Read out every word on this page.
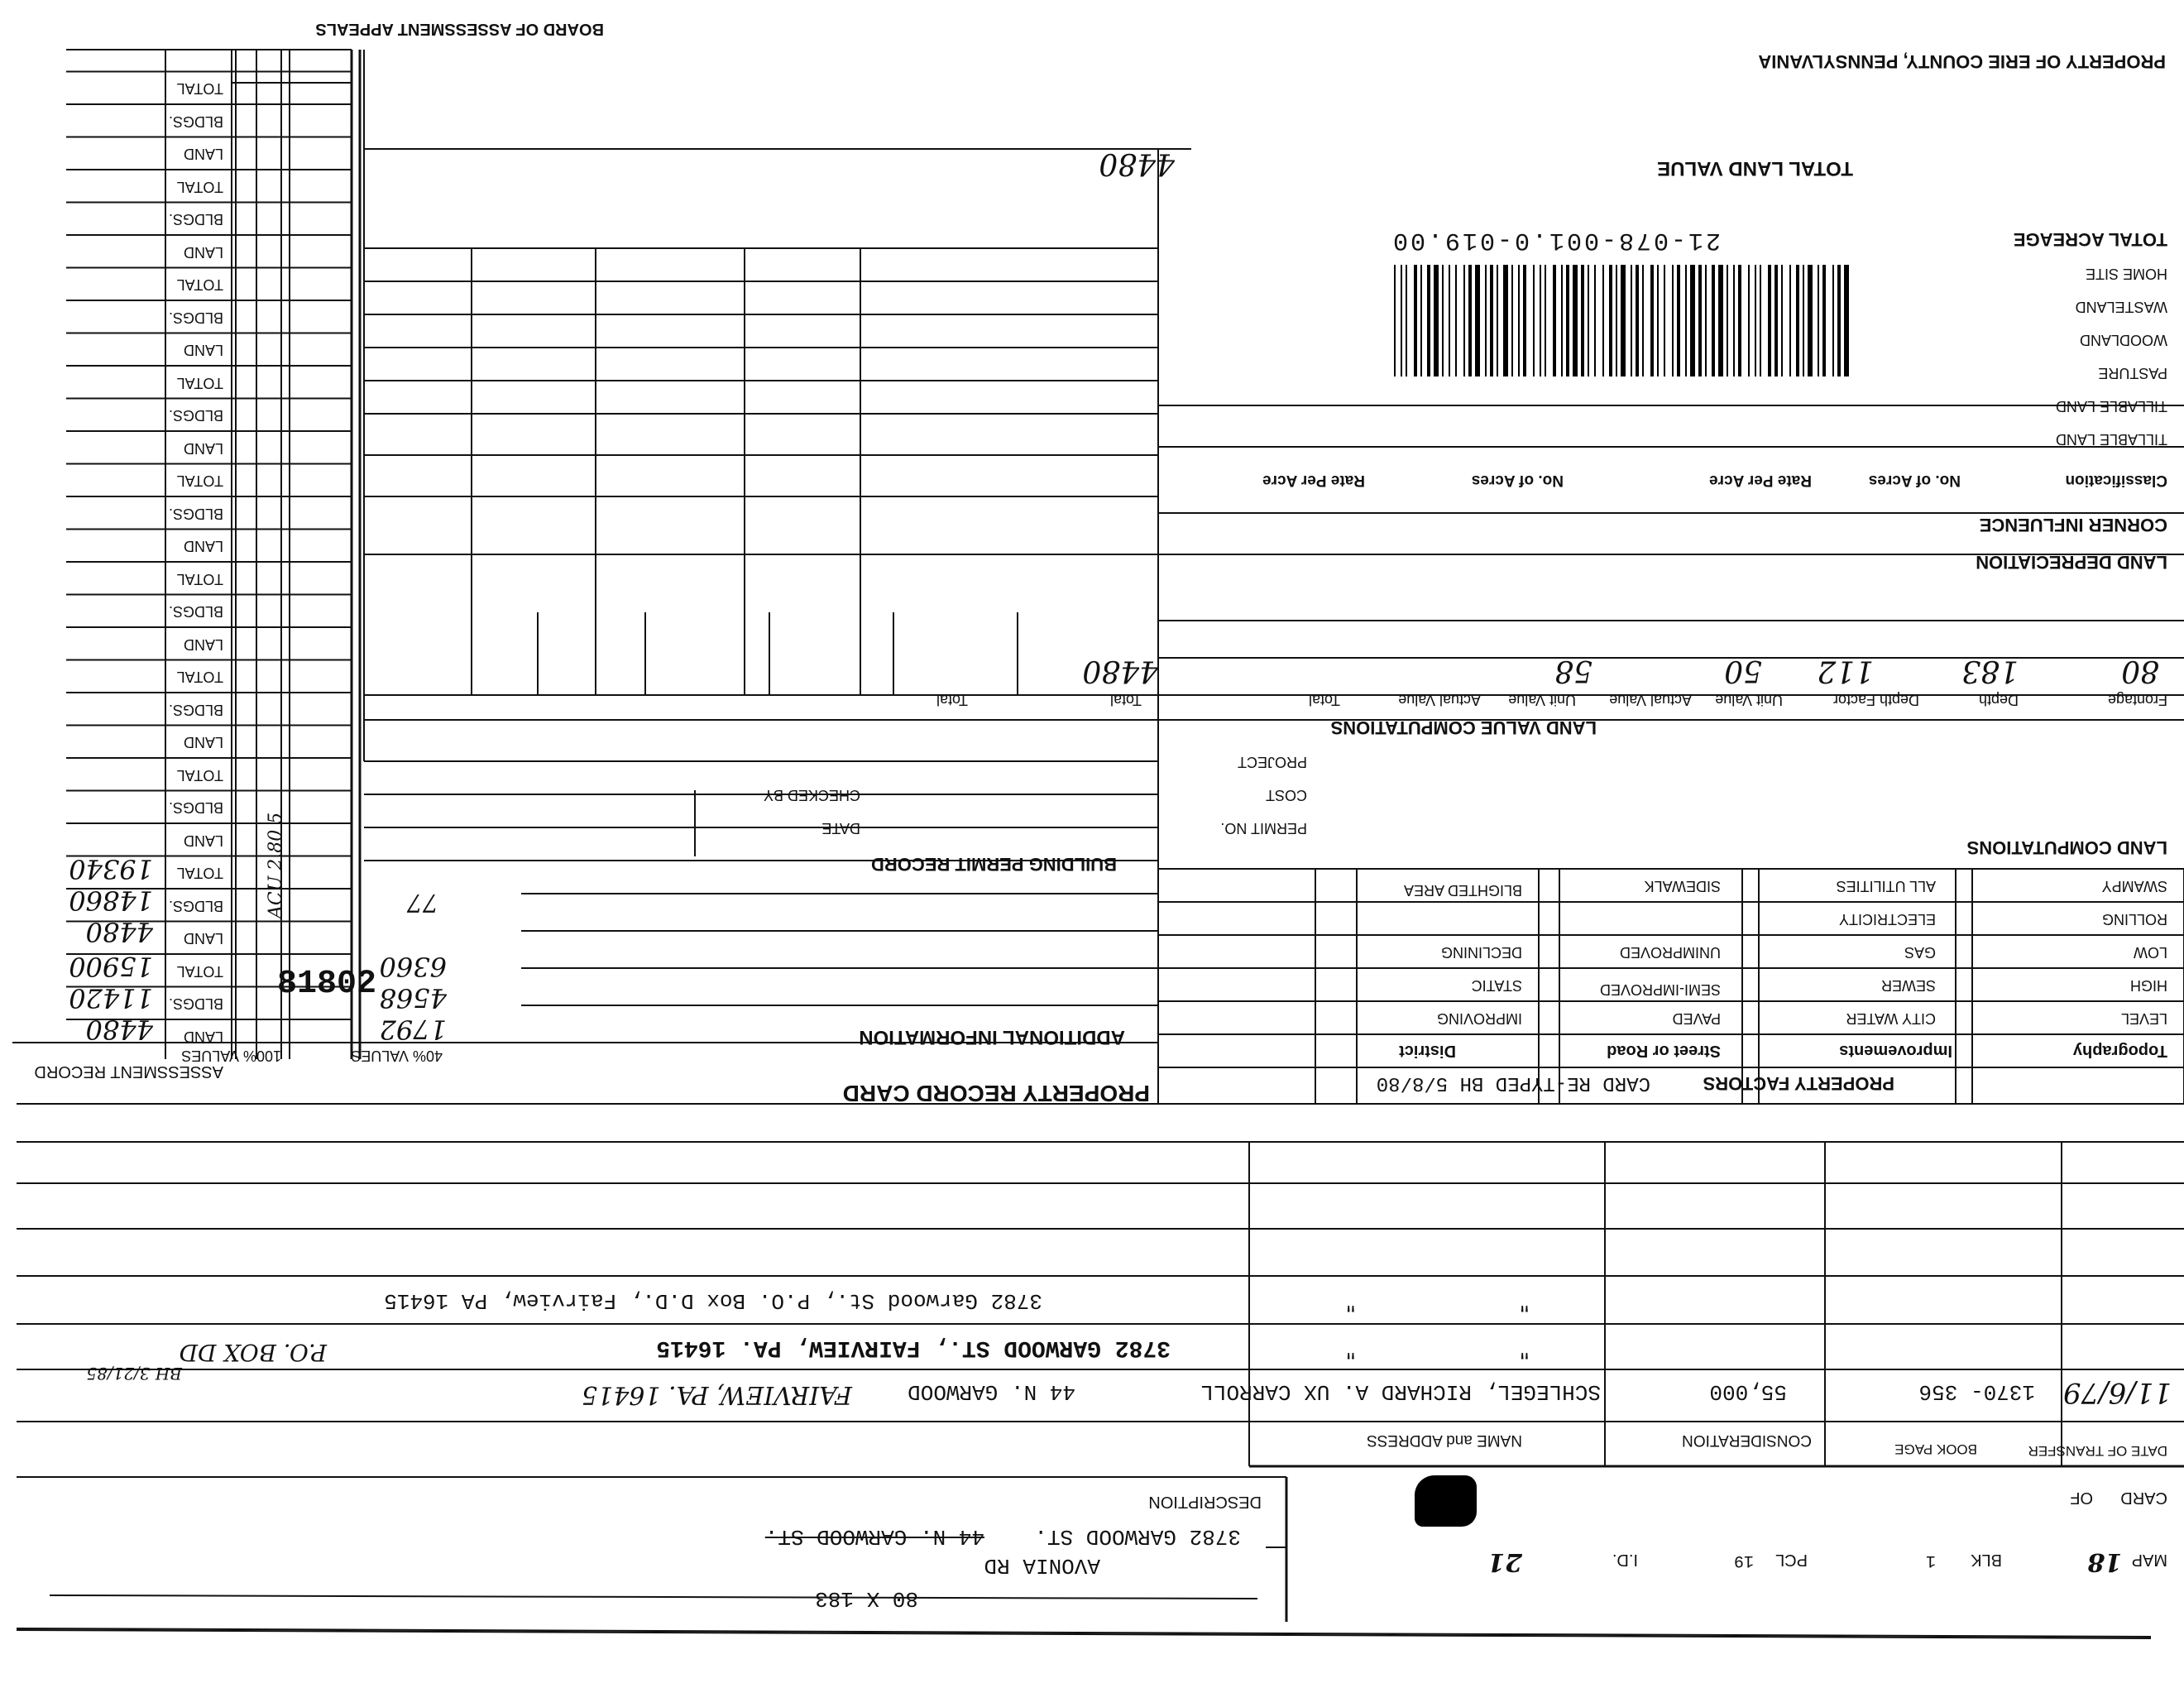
PROPERTY OF ERIE COUNTY, PENNSYLVANIA
BOARD OF ASSESSMENT APPEALS
CARD
OF
MAP
18
BLK
1
PCL
19
I.D.
21
DESCRIPTION
3782 GARWOOD ST.
44 N. GARWOOD ST.
AVONIA RD
80 X 183
DATE OF TRANSFER
BOOK PAGE
CONSIDERATION
NAME and ADDRESS
11/6/79
1370- 356
55,000
SCHLEGEL, RICHARD A. UX CARROLL
44 N. GARWOOD
FAIRVIEW, PA. 16415
"
"
3782 GARWOOD ST., FAIRVIEW, PA. 16415
P.O. BOX DD
BH 3/21/85
"
"
3782 Garwood St., P.O. Box D.D., Fairview, PA 16415
PROPERTY FACTORS
CARD RE-TYPED BH 5/8/80
Topography
Improvements
Street or Road
District
LEVEL
HIGH
LOW
ROLLING
SWAMPY
CITY WATER
SEWER
GAS
ELECTRICITY
ALL UTILITIES
PAVED
SEMI-IMPROVED
UNIMPROVED
SIDEWALK
IMPROVING
STATIC
DECLINING
BLIGHTED AREA
PROPERTY RECORD CARD
ADDITIONAL INFORMATION
BUILDING PERMIT RECORD
PERMIT NO.
DATE
COST
CHECKED BY
PROJECT
LAND COMPUTATIONS
LAND VALUE COMPUTATIONS
Frontage
Depth
Depth Factor
Unit Value
Actual Value
Unit Value
Actual Value
Total
Total
Total
80
183
112
50
58
4480
LAND DEPRECIATION
CORNER INFLUENCE
Classification
No. of Acres
Rate Per Acre
No. of Acres
Rate Per Acre
TILLABLE LAND
TILLABLE LAND
PASTURE
WOODLAND
WASTELAND
HOME SITE
TOTAL ACREAGE
21-078-001.0-019.00
TOTAL LAND VALUE
4480
40% VALUES
100% VALUES
ASSESSMENT RECORD
LAND
BLDGS.
TOTAL
LAND
BLDGS.
TOTAL
LAND
BLDGS.
TOTAL
LAND
BLDGS.
TOTAL
LAND
BLDGS.
TOTAL
LAND
BLDGS.
TOTAL
LAND
BLDGS.
TOTAL
LAND
BLDGS.
TOTAL
LAND
BLDGS.
TOTAL
LAND
BLDGS.
TOTAL
1792
4568
6360
77
4480
11420
15900
4480
14860
19340
81802
ACU 2.80 5
